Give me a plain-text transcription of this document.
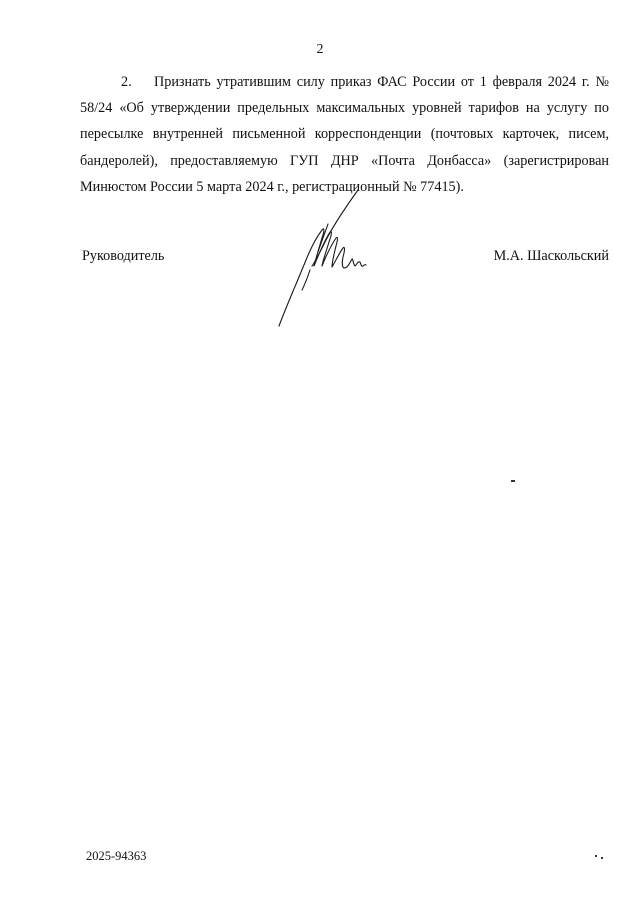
2

2. Признать утратившим силу приказ ФАС России от 1 февраля 2024 г. № 58/24 «Об утверждении предельных максимальных уровней тарифов на услугу по пересылке внутренней письменной корреспонденции (почтовых карточек, писем, бандеролей), предоставляемую ГУП ДНР «Почта Донбасса» (зарегистрирован Минюстом России 5 марта 2024 г., регистрационный № 77415).

Руководитель	М.А. Шаскольский
2025-94363
